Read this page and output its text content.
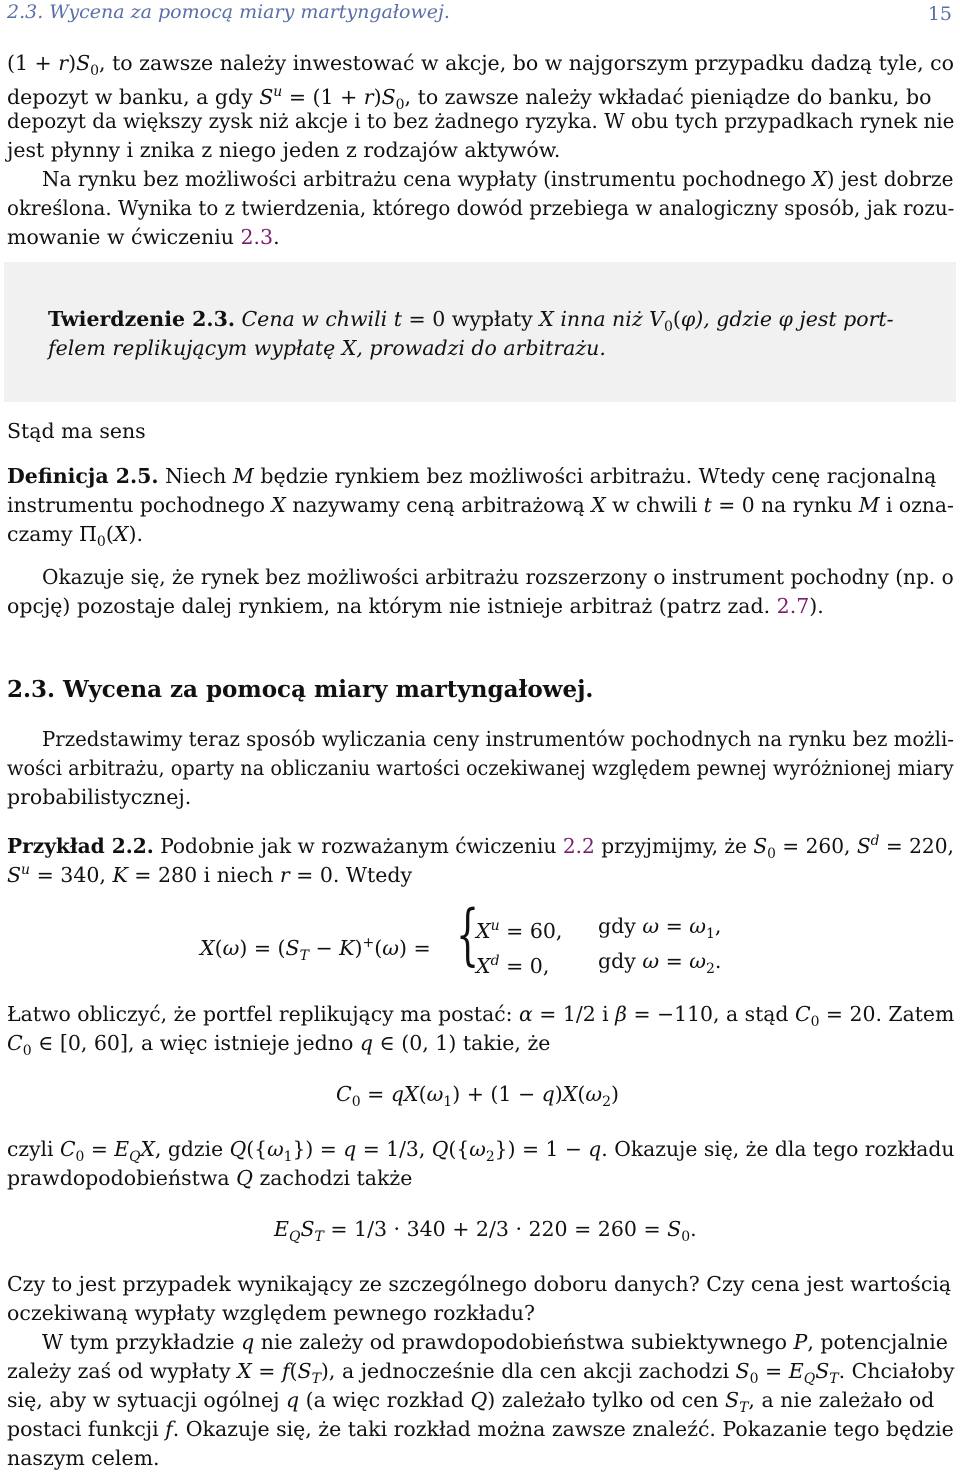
2.3. Wycena za pomocą miary martyngałowej.	15
$(1 + r)S_0$, to zawsze należy inwestować w akcje, bo w najgorszym przypadku dadzą tyle, co
depozyt w banku, a gdy $S^u = (1 + r)S_0$, to zawsze należy wkładać pieniądze do banku, bo
depozyt da większy zysk niż akcje i to bez żadnego ryzyka. W obu tych przypadkach rynek nie
jest płynny i znika z niego jeden z rodzajów aktywów.
Na rynku bez możliwości arbitrażu cena wypłaty (instrumentu pochodnego X) jest dobrze
określona. Wynika to z twierdzenia, którego dowód przebiega w analogiczny sposób, jak rozu-
mowanie w ćwiczeniu 2.3.
Twierdzenie 2.3. Cena w chwili t = 0 wypłaty X inna niż $V_0(\varphi)$, gdzie φ jest port-
felem replikującym wypłatę X, prowadzi do arbitrażu.
Stąd ma sens
Definicja 2.5. Niech M będzie rynkiem bez możliwości arbitrażu. Wtedy cenę racjonalną
instrumentu pochodnego X nazywamy ceną arbitrażową X w chwili t = 0 na rynku M i ozna-
czamy $\Pi_0(X)$.
Okazuje się, że rynek bez możliwości arbitrażu rozszerzony o instrument pochodny (np. o
opcję) pozostaje dalej rynkiem, na którym nie istnieje arbitraż (patrz zad. 2.7).
2.3. Wycena za pomocą miary martyngałowej.
Przedstawimy teraz sposób wyliczania ceny instrumentów pochodnych na rynku bez możli-
wości arbitrażu, oparty na obliczaniu wartości oczekiwanej względem pewnej wyróżnionej miary
probabilistycznej.
Przykład 2.2. Podobnie jak w rozważanym ćwiczeniu 2.2 przyjmijmy, że $S_0 = 260$, $S^d = 220$,
$S^u = 340$, K = 280 i niech r = 0. Wtedy
$X(\omega) = (S_T - K)^+(\omega)$ = {
$X^u = 60$, gdy $\omega = \omega_1$,
$X^d = 0$, gdy $\omega = \omega_2$.
Łatwo obliczyć, że portfel replikujący ma postać: α = 1/2 i β = −110, a stąd $C_0 = 20$. Zatem
$C_0$ ∈ [0, 60], a więc istnieje jedno q ∈ (0, 1) takie, że
$C_0 = qX(\omega_1) + (1 - q)X(\omega_2)$
czyli $C_0 = E_QX$, gdzie $Q(\{\omega_1\}) = q = 1/3$, $Q(\{\omega_2\}) = 1 - q$. Okazuje się, że dla tego rozkładu
prawdopodobieństwa Q zachodzi także
$E_QS_T = 1/3 \cdot 340 + 2/3 \cdot 220 = 260 = S_0$.
Czy to jest przypadek wynikający ze szczególnego doboru danych? Czy cena jest wartością
oczekiwaną wypłaty względem pewnego rozkładu?
W tym przykładzie q nie zależy od prawdopodobieństwa subiektywnego P, potencjalnie
zależy zaś od wypłaty $X = f(S_T)$, a jednocześnie dla cen akcji zachodzi $S_0 = E_QS_T$. Chciałoby
się, aby w sytuacji ogólnej q (a więc rozkład Q) zależało tylko od cen $S_T$, a nie zależało od
postaci funkcji f. Okazuje się, że taki rozkład można zawsze znaleźć. Pokazanie tego będzie
naszym celem.
